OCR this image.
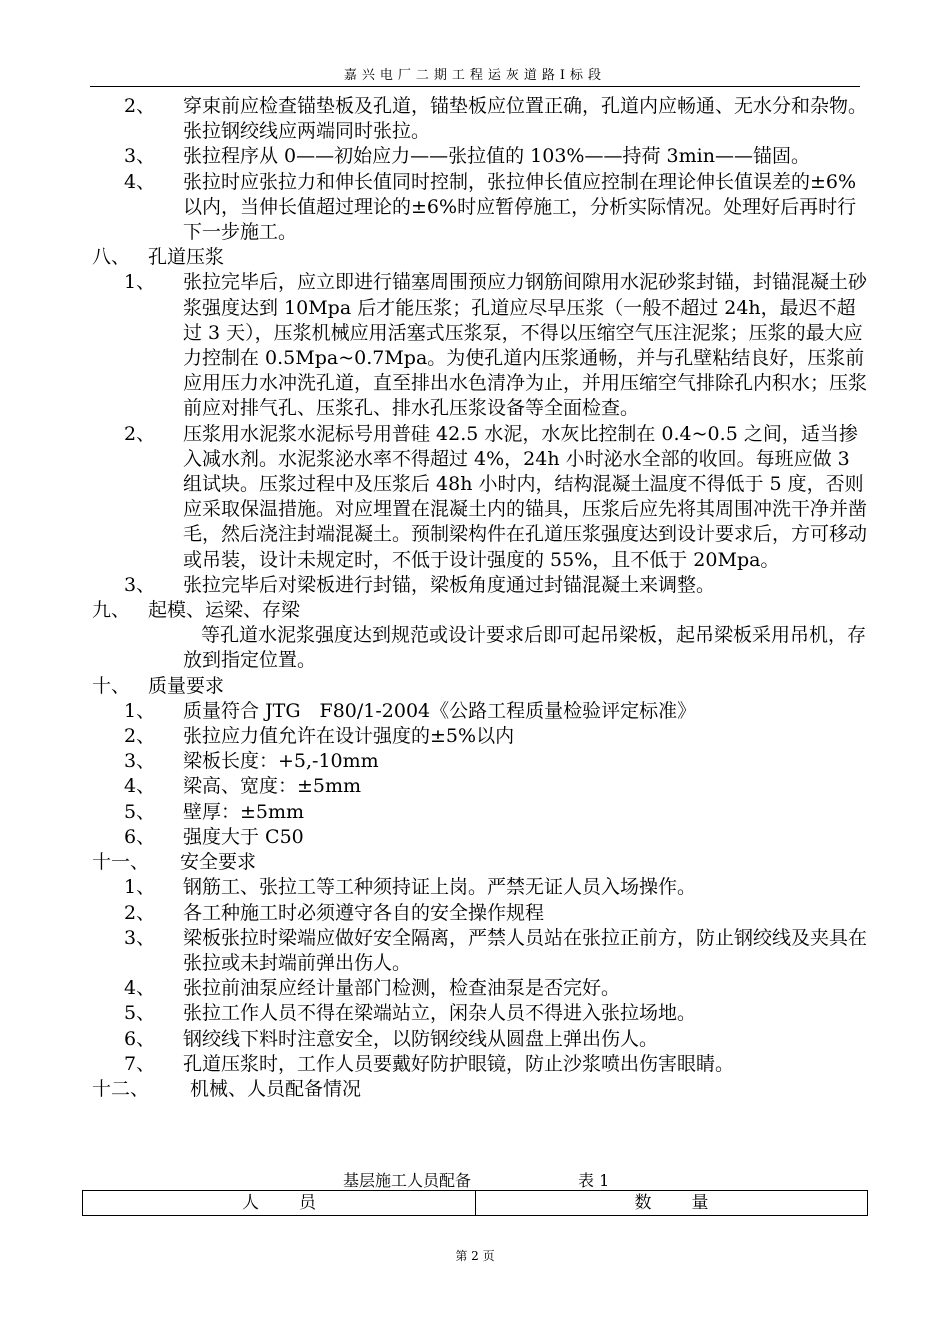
嘉兴电厂二期工程运灰道路I标段
2、 穿束前应检查锚垫板及孔道，锚垫板应位置正确，孔道内应畅通、无水分和杂物。张拉钢绞线应两端同时张拉。
3、 张拉程序从 0——初始应力——张拉值的 103%——持荷 3min——锚固。
4、 张拉时应张拉力和伸长值同时控制，张拉伸长值应控制在理论伸长值误差的±6%以内，当伸长值超过理论的±6%时应暂停施工，分析实际情况。处理好后再时行下一步施工。
八、 孔道压浆
1、 张拉完毕后，应立即进行锚塞周围预应力钢筋间隙用水泥砂浆封锚，封锚混凝土砂浆强度达到 10Mpa 后才能压浆；孔道应尽早压浆（一般不超过 24h，最迟不超过 3 天），压浆机械应用活塞式压浆泵，不得以压缩空气压注泥浆；压浆的最大应力控制在 0.5Mpa~0.7Mpa。为使孔道内压浆通畅，并与孔壁粘结良好，压浆前应用压力水冲洗孔道，直至排出水色清净为止，并用压缩空气排除孔内积水；压浆前应对排气孔、压浆孔、排水孔压浆设备等全面检查。
2、 压浆用水泥浆水泥标号用普硅 42.5 水泥，水灰比控制在 0.4~0.5 之间，适当掺入减水剂。水泥浆泌水率不得超过 4%，24h 小时泌水全部的收回。每班应做 3 组试块。压浆过程中及压浆后 48h 小时内，结构混凝土温度不得低于 5 度，否则应采取保温措施。对应埋置在混凝土内的锚具，压浆后应先将其周围冲洗干净并凿毛，然后浇注封端混凝土。预制梁构件在孔道压浆强度达到设计要求后，方可移动或吊装，设计未规定时，不低于设计强度的 55%，且不低于 20Mpa。
3、 张拉完毕后对梁板进行封锚，梁板角度通过封锚混凝土来调整。
九、 起模、运梁、存梁
等孔道水泥浆强度达到规范或设计要求后即可起吊梁板，起吊梁板采用吊机，存放到指定位置。
十、 质量要求
1、 质量符合 JTG　F80/1-2004《公路工程质量检验评定标准》
2、 张拉应力值允许在设计强度的±5%以内
3、 梁板长度：+5,-10mm
4、 梁高、宽度：±5mm
5、 壁厚：±5mm
6、 强度大于 C50
十一、 安全要求
1、 钢筋工、张拉工等工种须持证上岗。严禁无证人员入场操作。
2、 各工种施工时必须遵守各自的安全操作规程
3、 梁板张拉时梁端应做好安全隔离，严禁人员站在张拉正前方，防止钢绞线及夹具在张拉或未封端前弹出伤人。
4、 张拉前油泵应经计量部门检测，检查油泵是否完好。
5、 张拉工作人员不得在梁端站立，闲杂人员不得进入张拉场地。
6、 钢绞线下料时注意安全，以防钢绞线从圆盘上弹出伤人。
7、 孔道压浆时，工作人员要戴好防护眼镜，防止沙浆喷出伤害眼睛。
十二、 机械、人员配备情况
基层施工人员配备	表 1
人员	数量
第 2 页
